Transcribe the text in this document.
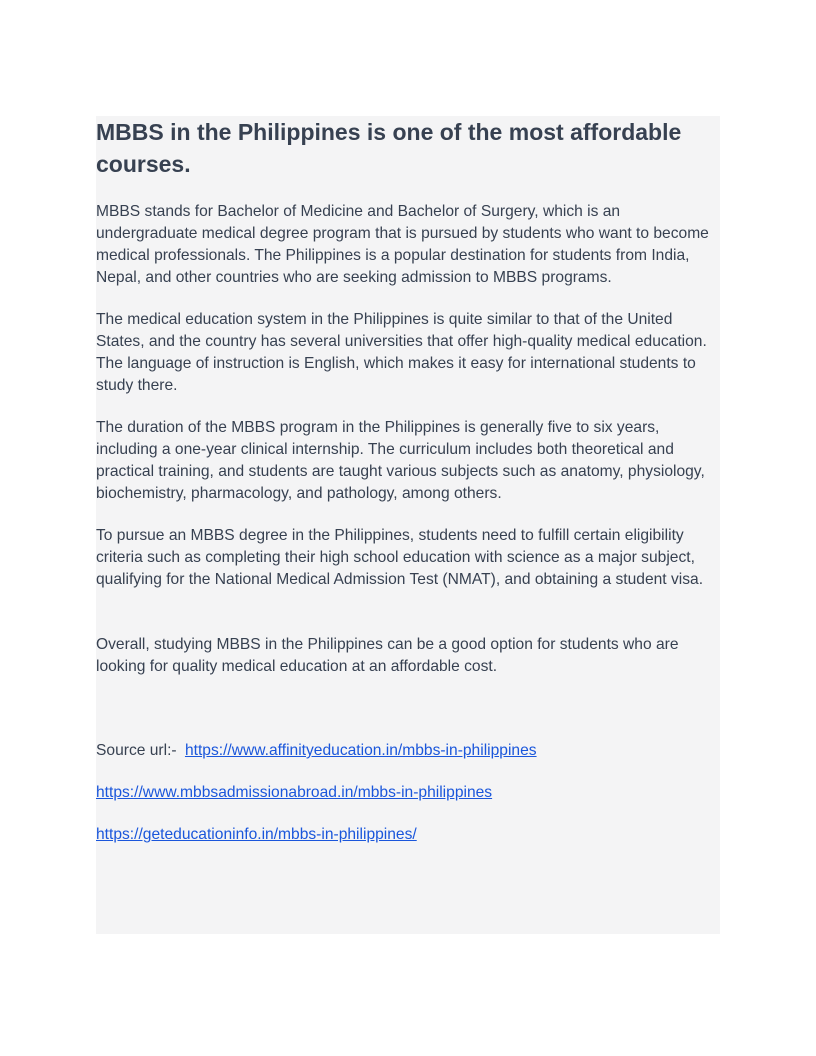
MBBS in the Philippines is one of the most affordable courses.

MBBS stands for Bachelor of Medicine and Bachelor of Surgery, which is an undergraduate medical degree program that is pursued by students who want to become medical professionals. The Philippines is a popular destination for students from India, Nepal, and other countries who are seeking admission to MBBS programs.

The medical education system in the Philippines is quite similar to that of the United States, and the country has several universities that offer high-quality medical education. The language of instruction is English, which makes it easy for international students to study there.

The duration of the MBBS program in the Philippines is generally five to six years, including a one-year clinical internship. The curriculum includes both theoretical and practical training, and students are taught various subjects such as anatomy, physiology, biochemistry, pharmacology, and pathology, among others.

To pursue an MBBS degree in the Philippines, students need to fulfill certain eligibility criteria such as completing their high school education with science as a major subject, qualifying for the National Medical Admission Test (NMAT), and obtaining a student visa.

Overall, studying MBBS in the Philippines can be a good option for students who are looking for quality medical education at an affordable cost.

Source url:- https://www.affinityeducation.in/mbbs-in-philippines

https://www.mbbsadmissionabroad.in/mbbs-in-philippines

https://geteducationinfo.in/mbbs-in-philippines/
